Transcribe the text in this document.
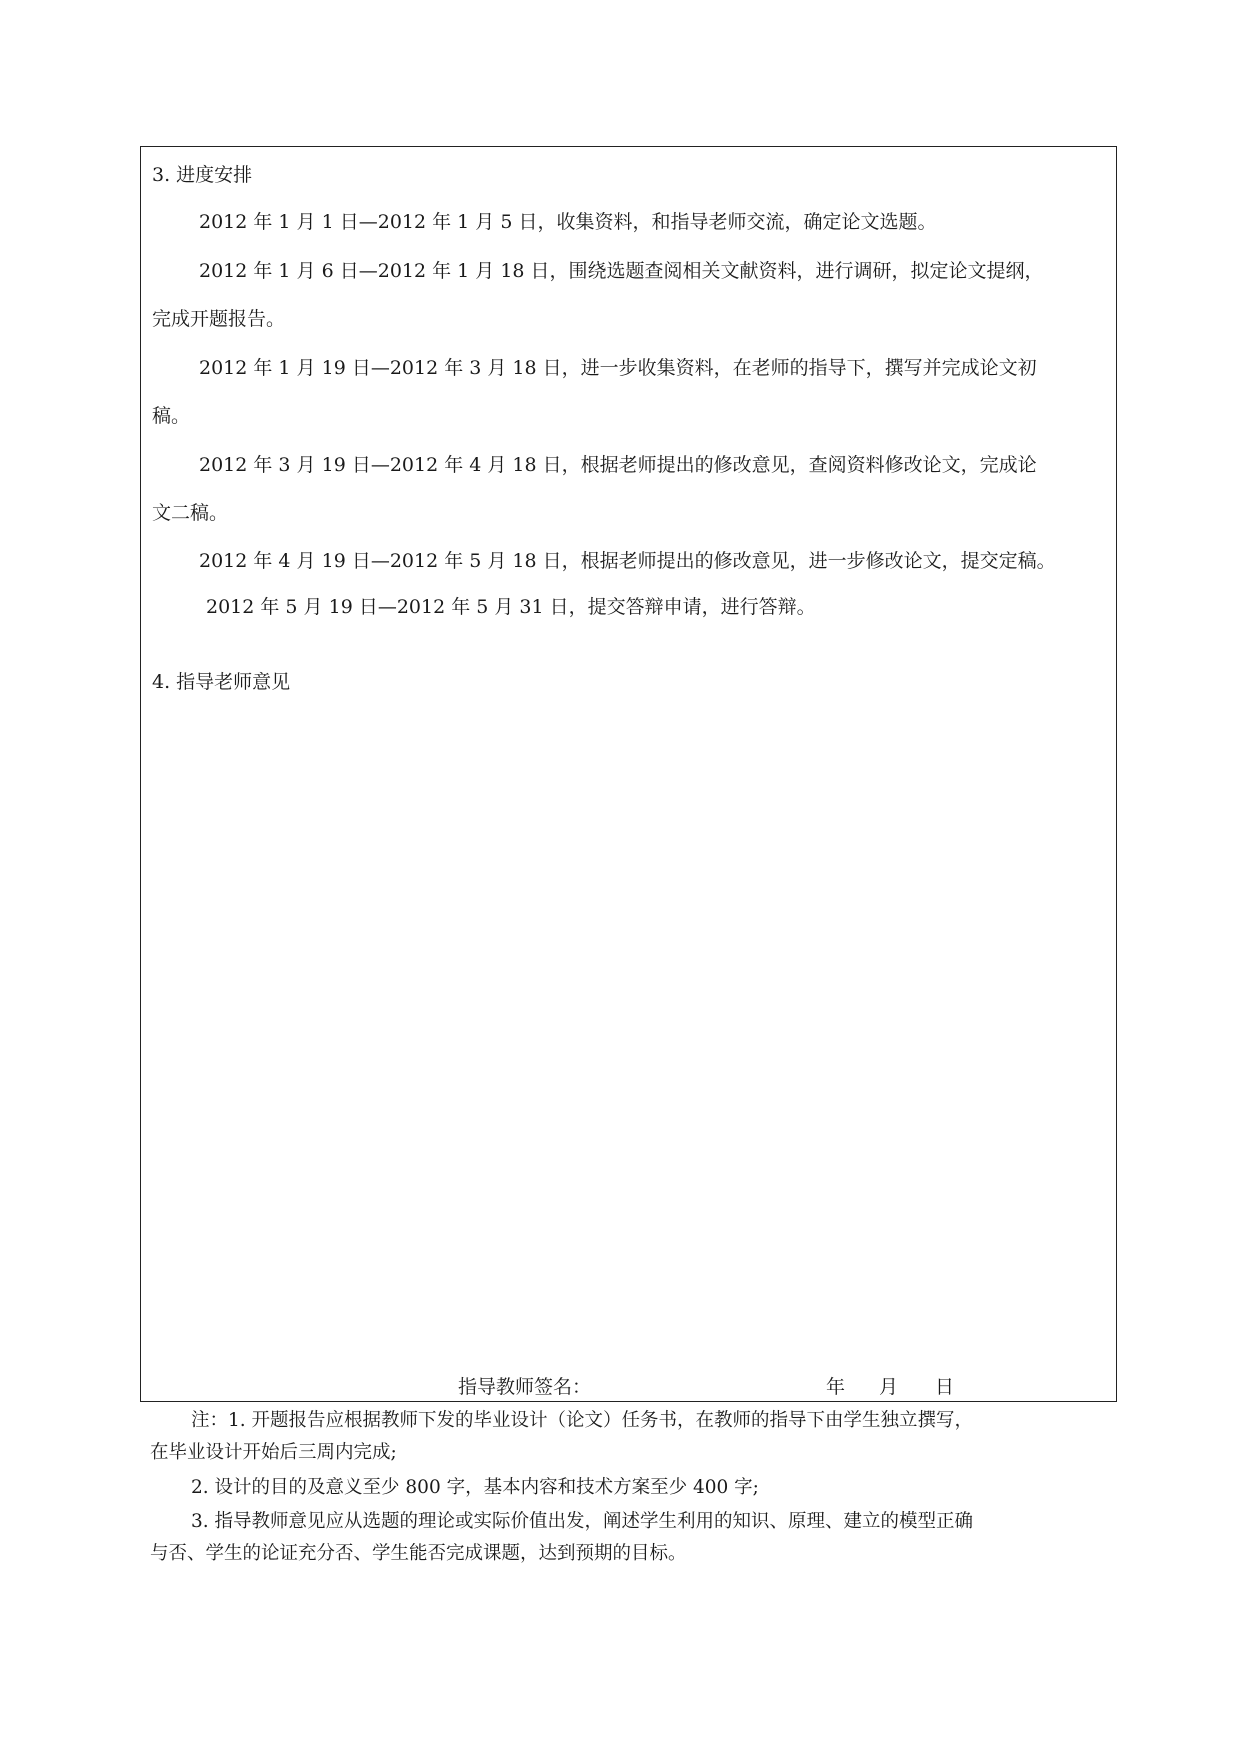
3. 进度安排
2012 年 1 月 1 日—2012 年 1 月 5 日，收集资料，和指导老师交流，确定论文选题。
2012 年 1 月 6 日—2012 年 1 月 18 日，围绕选题查阅相关文献资料，进行调研，拟定论文提纲，
完成开题报告。
2012 年 1 月 19 日—2012 年 3 月 18 日，进一步收集资料，在老师的指导下，撰写并完成论文初
稿。
2012 年 3 月 19 日—2012 年 4 月 18 日，根据老师提出的修改意见，查阅资料修改论文，完成论
文二稿。
2012 年 4 月 19 日—2012 年 5 月 18 日，根据老师提出的修改意见，进一步修改论文，提交定稿。
2012 年 5 月 19 日—2012 年 5 月 31 日，提交答辩申请，进行答辩。
4. 指导老师意见
指导教师签名：	年 月 日
注：1. 开题报告应根据教师下发的毕业设计（论文）任务书，在教师的指导下由学生独立撰写，
在毕业设计开始后三周内完成;
2. 设计的目的及意义至少 800 字，基本内容和技术方案至少 400 字;
3. 指导教师意见应从选题的理论或实际价值出发，阐述学生利用的知识、原理、建立的模型正确
与否、学生的论证充分否、学生能否完成课题，达到预期的目标。
